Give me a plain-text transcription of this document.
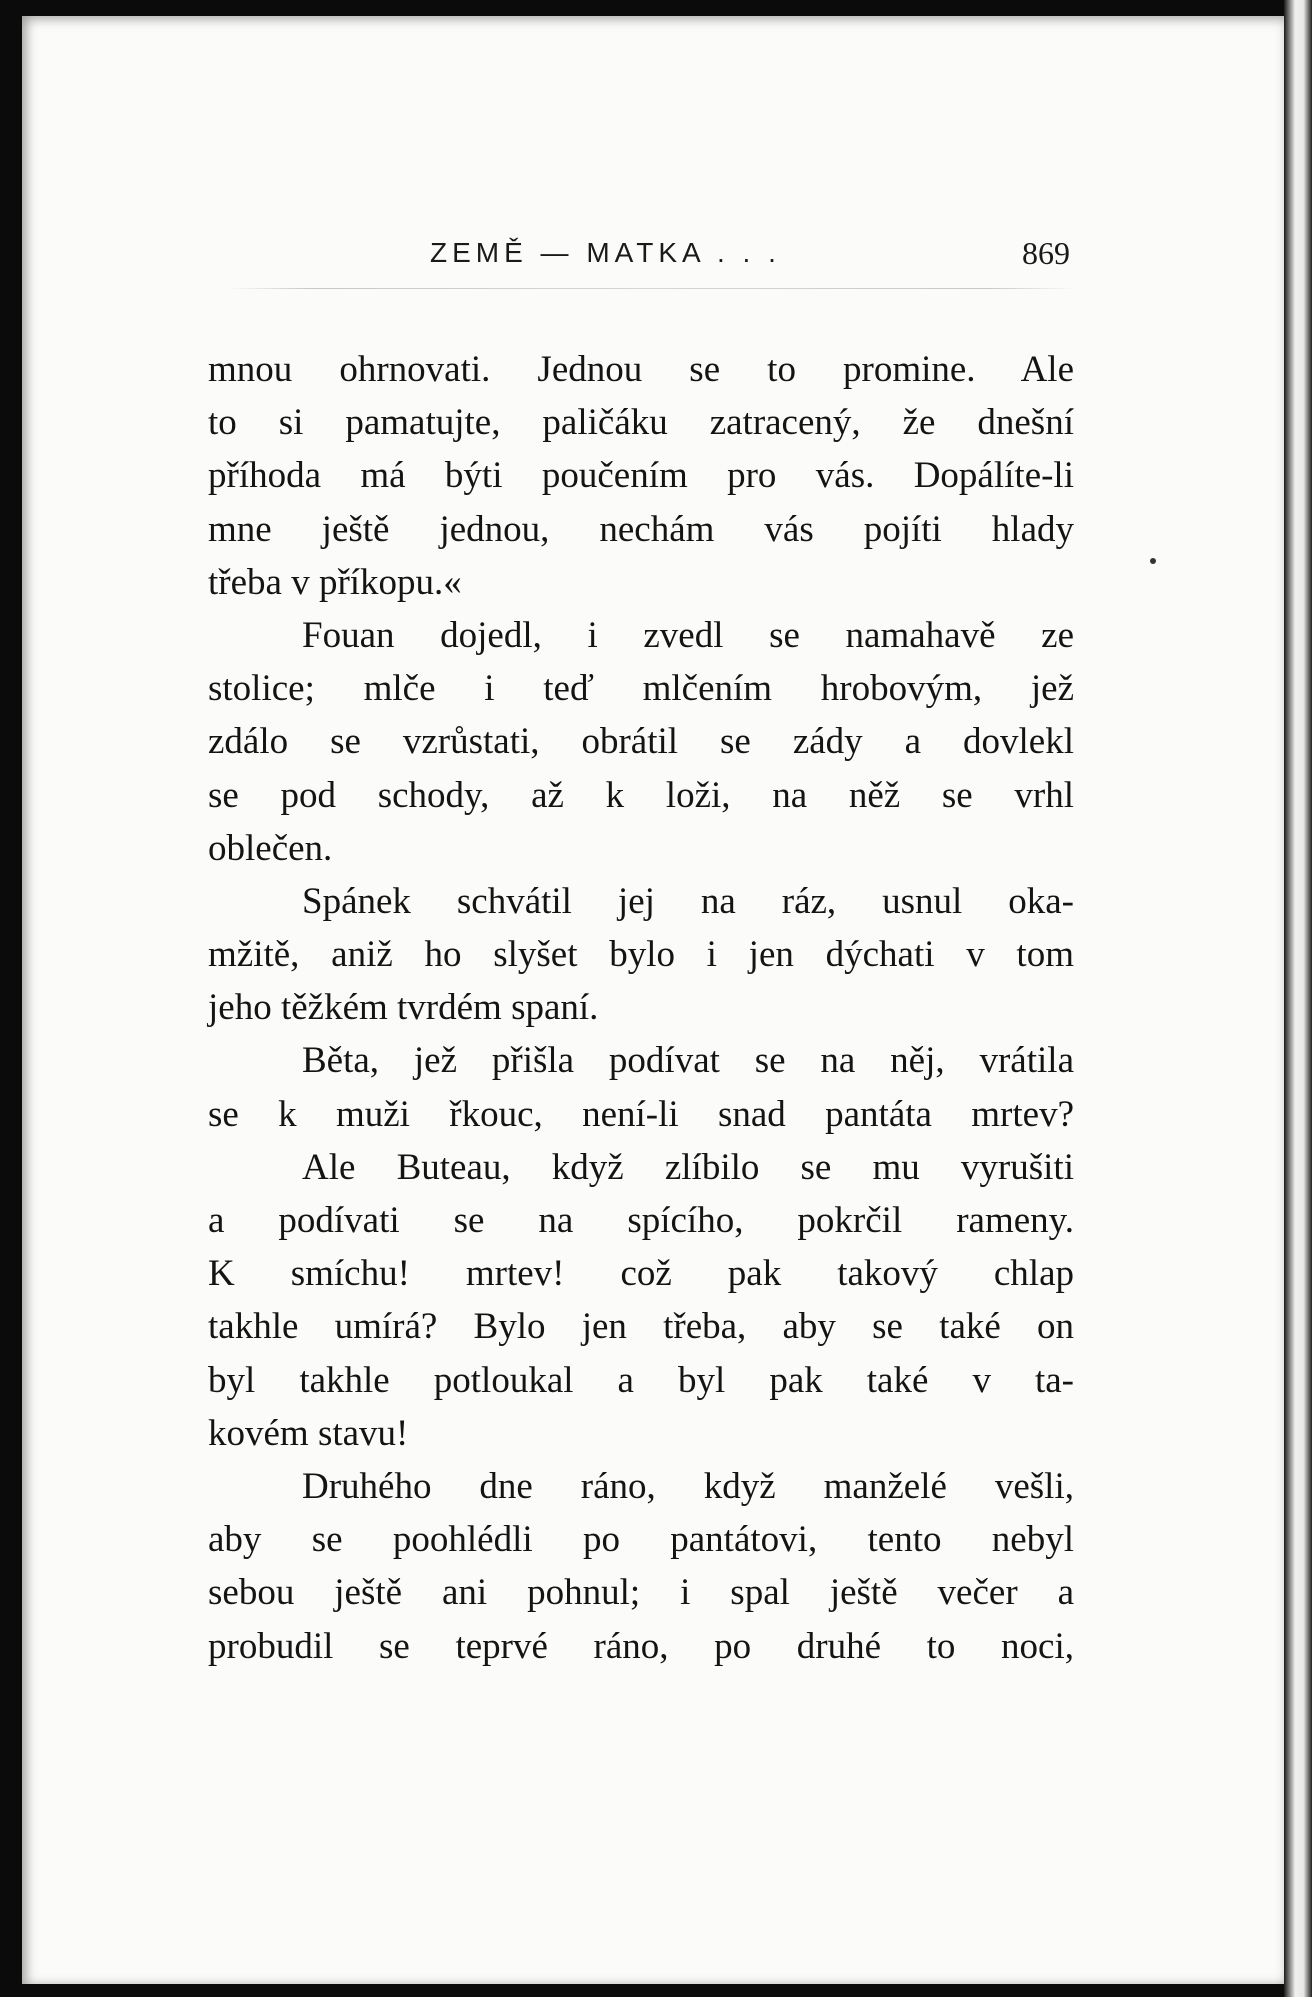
ZEMĚ — MATKA . . .	869
mnou ohrnovati. Jednou se to promine. Ale
to si pamatujte, paličáku zatracený, že dnešní
příhoda má býti poučením pro vás. Dopálíte-li
mne ještě jednou, nechám vás pojíti hlady
třeba v příkopu.«
Fouan dojedl, i zvedl se namahavě ze
stolice; mlče i teď mlčením hrobovým, jež
zdálo se vzrůstati, obrátil se zády a dovlekl
se pod schody, až k loži, na něž se vrhl
oblečen.
Spánek schvátil jej na ráz, usnul oka-
mžitě, aniž ho slyšet bylo i jen dýchati v tom
jeho těžkém tvrdém spaní.
Běta, jež přišla podívat se na něj, vrátila
se k muži řkouc, není-li snad pantáta mrtev?
Ale Buteau, když zlíbilo se mu vyrušiti
a podívati se na spícího, pokrčil rameny.
K smíchu! mrtev! což pak takový chlap
takhle umírá? Bylo jen třeba, aby se také on
byl takhle potloukal a byl pak také v ta-
kovém stavu!
Druhého dne ráno, když manželé vešli,
aby se poohlédli po pantátovi, tento nebyl
sebou ještě ani pohnul; i spal ještě večer a
probudil se teprvé ráno, po druhé to noci,
